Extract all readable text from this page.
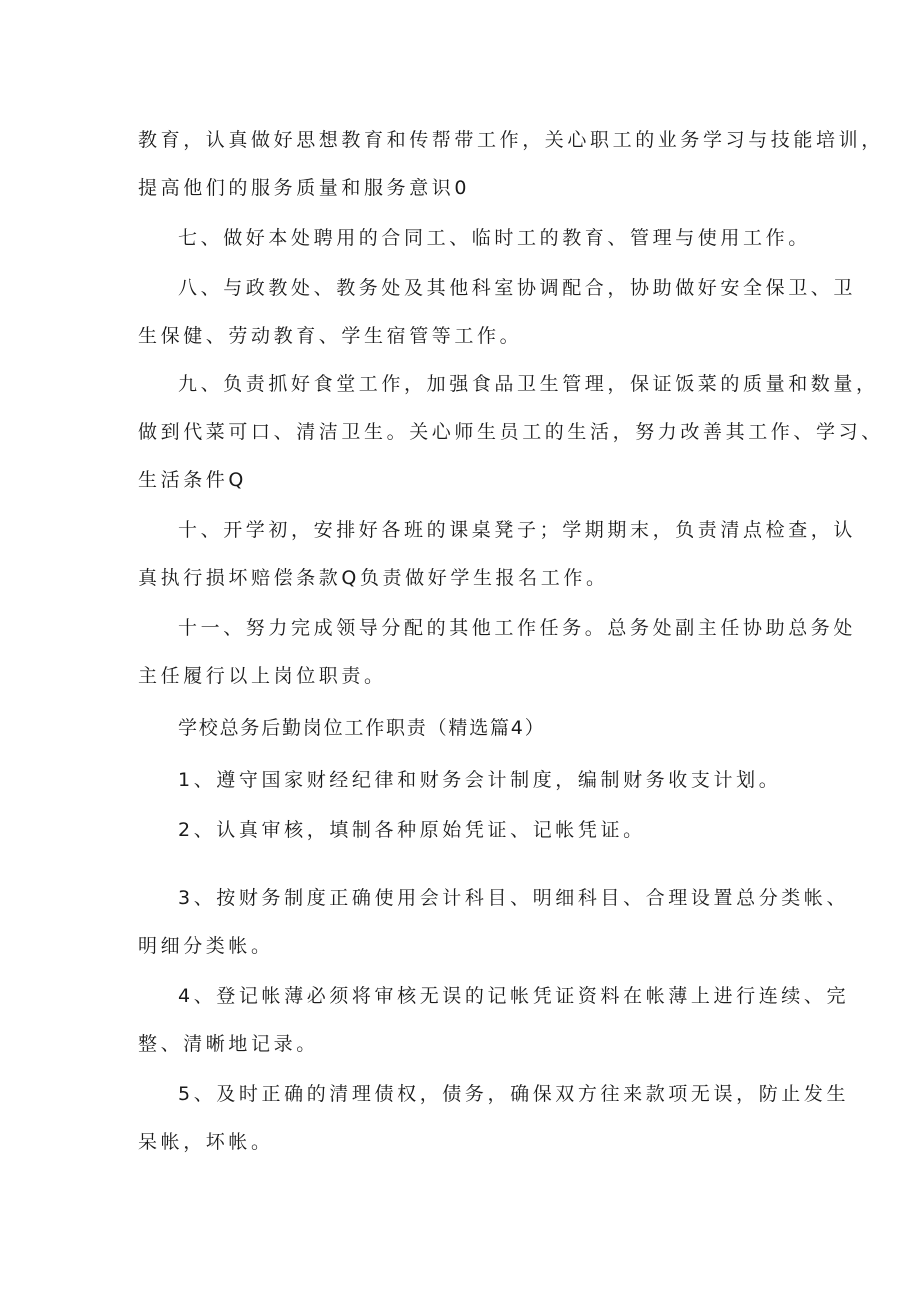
教育，认真做好思想教育和传帮带工作，关心职工的业务学习与技能培训，
提高他们的服务质量和服务意识0
七、做好本处聘用的合同工、临时工的教育、管理与使用工作。
八、与政教处、教务处及其他科室协调配合，协助做好安全保卫、卫
生保健、劳动教育、学生宿管等工作。
九、负责抓好食堂工作，加强食品卫生管理，保证饭菜的质量和数量，
做到代菜可口、清洁卫生。关心师生员工的生活，努力改善其工作、学习、
生活条件Q
十、开学初，安排好各班的课桌凳子；学期期末，负责清点检查，认
真执行损坏赔偿条款Q负责做好学生报名工作。
十一、努力完成领导分配的其他工作任务。总务处副主任协助总务处
主任履行以上岗位职责。
学校总务后勤岗位工作职责（精选篇4）
1、遵守国家财经纪律和财务会计制度，编制财务收支计划。
2、认真审核，填制各种原始凭证、记帐凭证。
3、按财务制度正确使用会计科目、明细科目、合理设置总分类帐、
明细分类帐。
4、登记帐薄必须将审核无误的记帐凭证资料在帐薄上进行连续、完
整、清晰地记录。
5、及时正确的清理债权，债务，确保双方往来款项无误，防止发生
呆帐，坏帐。
